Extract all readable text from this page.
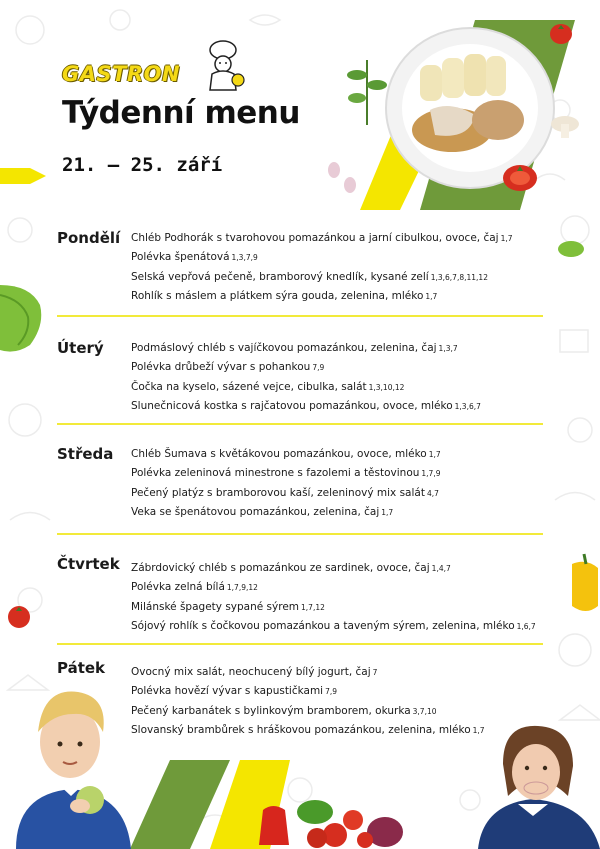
GASTRON
Týdenní menu
21. – 25. září
Pondělí Chléb Podhorák s tvarohovou pomazánkou a jarní cibulkou, ovoce, čaj 1,7
Polévka špenátová 1,3,7,9
Selská vepřová pečeně, bramborový knedlík, kysané zelí 1,3,6,7,8,11,12
Rohlík s máslem a plátkem sýra gouda, zelenina, mléko 1,7
Úterý	Podmáslový chléb s vajíčkovou pomazánkou, zelenina, čaj 1,3,7
Polévka drůbeží vývar s pohankou 7,9
Čočka na kyselo, sázené vejce, cibulka, salát 1,3,10,12
Slunečnicová kostka s rajčatovou pomazánkou, ovoce, mléko 1,3,6,7
Středa Chléb Šumava s květákovou pomazánkou, ovoce, mléko 1,7
Polévka zeleninová minestrone s fazolemi a těstovinou 1,7,9
Pečený platýz s bramborovou kaší, zeleninový mix salát 4,7
Veka se špenátovou pomazánkou, zelenina, čaj 1,7
Čtvrtek Zábrdovický chléb s pomazánkou ze sardinek, ovoce, čaj 1,4,7
Polévka zelná bílá 1,7,9,12
Milánské špagety sypané sýrem 1,7,12
Sójový rohlík s čočkovou pomazánkou a taveným sýrem, zelenina, mléko 1,6,7
Pátek Ovocný mix salát, neochucený bílý jogurt, čaj 7
Polévka hovězí vývar s kapustičkami 7,9
Pečený karbanátek s bylinkovým bramborem, okurka 3,7,10
Slovanský brambůrek s hráškovou pomazánkou, zelenina, mléko 1,7
